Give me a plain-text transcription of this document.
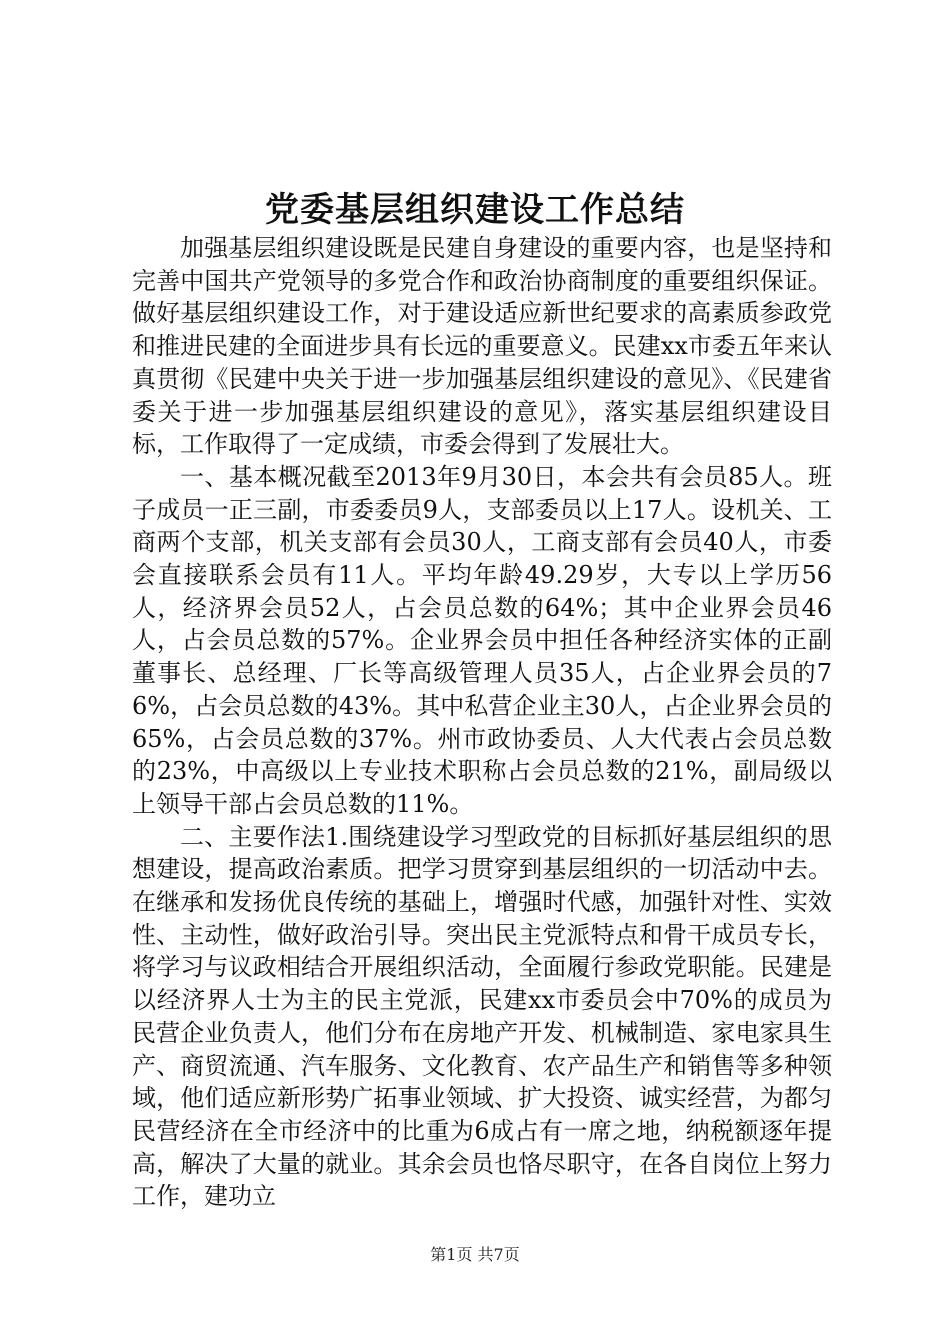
党委基层组织建设工作总结

加强基层组织建设既是民建自身建设的重要内容，也是坚持和完善中国共产党领导的多党合作和政治协商制度的重要组织保证。做好基层组织建设工作，对于建设适应新世纪要求的高素质参政党和推进民建的全面进步具有长远的重要意义。民建xx市委五年来认真贯彻《民建中央关于进一步加强基层组织建设的意见》、《民建省委关于进一步加强基层组织建设的意见》，落实基层组织建设目标，工作取得了一定成绩，市委会得到了发展壮大。

一、基本概况截至2013年9月30日，本会共有会员85人。班子成员一正三副，市委委员9人，支部委员以上17人。设机关、工商两个支部，机关支部有会员30人，工商支部有会员40人，市委会直接联系会员有11人。平均年龄49.29岁，大专以上学历56人，经济界会员52人，占会员总数的64%；其中企业界会员46人，占会员总数的57%。企业界会员中担任各种经济实体的正副董事长、总经理、厂长等高级管理人员35人，占企业界会员的76%，占会员总数的43%。其中私营企业主30人，占企业界会员的65%，占会员总数的37%。州市政协委员、人大代表占会员总数的23%，中高级以上专业技术职称占会员总数的21%，副局级以上领导干部占会员总数的11%。

二、主要作法1.围绕建设学习型政党的目标抓好基层组织的思想建设，提高政治素质。把学习贯穿到基层组织的一切活动中去。在继承和发扬优良传统的基础上，增强时代感，加强针对性、实效性、主动性，做好政治引导。突出民主党派特点和骨干成员专长，将学习与议政相结合开展组织活动，全面履行参政党职能。民建是以经济界人士为主的民主党派，民建xx市委员会中70%的成员为民营企业负责人，他们分布在房地产开发、机械制造、家电家具生产、商贸流通、汽车服务、文化教育、农产品生产和销售等多种领域，他们适应新形势广拓事业领域、扩大投资、诚实经营，为都匀民营经济在全市经济中的比重为6成占有一席之地，纳税额逐年提高，解决了大量的就业。其余会员也恪尽职守，在各自岗位上努力工作，建功立

第1页 共7页
